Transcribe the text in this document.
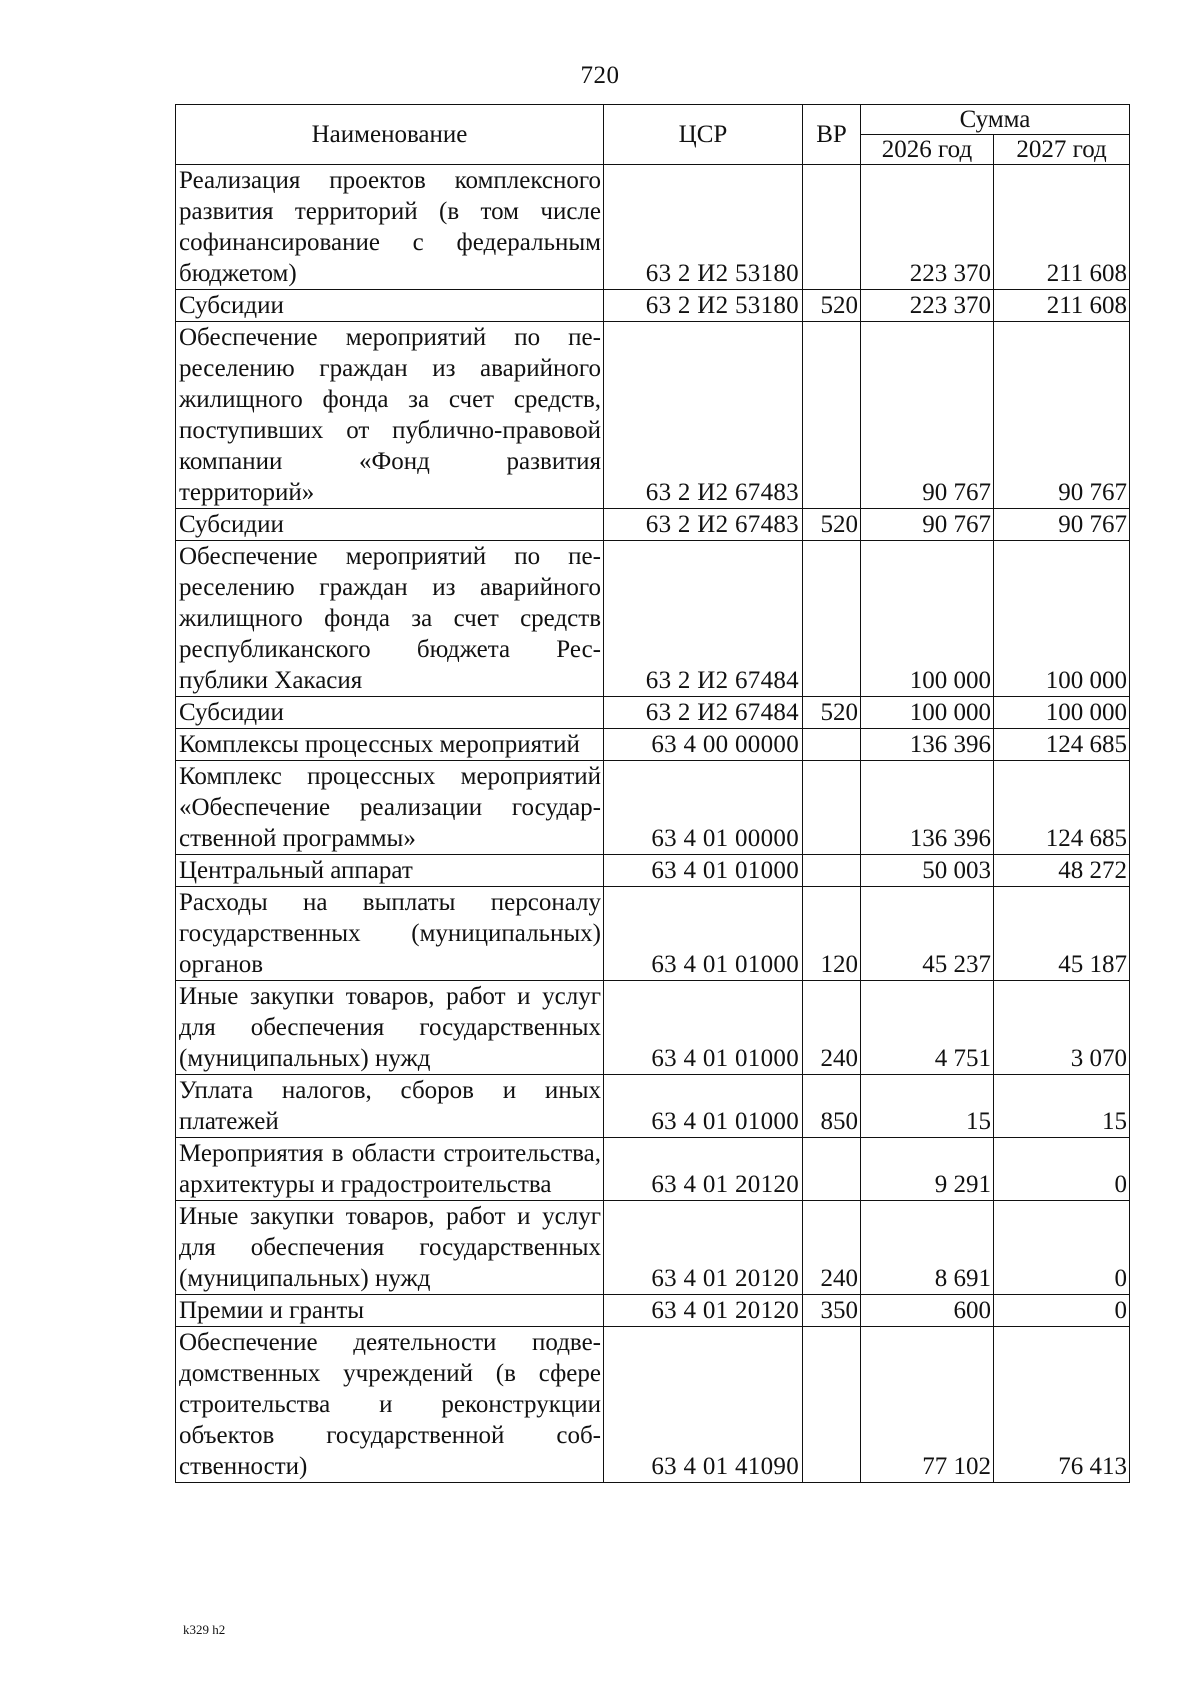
720
Наименование	ЦСР	ВР	Сумма	
			2026 год	2027 год
Реализация проектов комплексного развития территорий (в том числе софинансирование с федеральным бюджетом)	63 2 И2 53180		223 370	211 608
Субсидии	63 2 И2 53180	520	223 370	211 608
Обеспечение мероприятий по переселению граждан из аварийного жилищного фонда за счет средств, поступивших от публично-правовой компании «Фонд развития территорий»	63 2 И2 67483		90 767	90 767
Субсидии	63 2 И2 67483	520	90 767	90 767
Обеспечение мероприятий по переселению граждан из аварийного жилищного фонда за счет средств республиканского бюджета Республики Хакасия	63 2 И2 67484		100 000	100 000
Субсидии	63 2 И2 67484	520	100 000	100 000
Комплексы процессных мероприятий	63 4 00 00000		136 396	124 685
Комплекс процессных мероприятий «Обеспечение реализации государственной программы»	63 4 01 00000		136 396	124 685
Центральный аппарат	63 4 01 01000		50 003	48 272
Расходы на выплаты персоналу государственных (муниципальных) органов	63 4 01 01000	120	45 237	45 187
Иные закупки товаров, работ и услуг для обеспечения государственных (муниципальных) нужд	63 4 01 01000	240	4 751	3 070
Уплата налогов, сборов и иных платежей	63 4 01 01000	850	15	15
Мероприятия в области строительства, архитектуры и градостроительства	63 4 01 20120		9 291	0
Иные закупки товаров, работ и услуг для обеспечения государственных (муниципальных) нужд	63 4 01 20120	240	8 691	0
Премии и гранты	63 4 01 20120	350	600	0
Обеспечение деятельности подведомственных учреждений (в сфере строительства и реконструкции объектов государственной собственности)	63 4 01 41090		77 102	76 413
k329 h2
